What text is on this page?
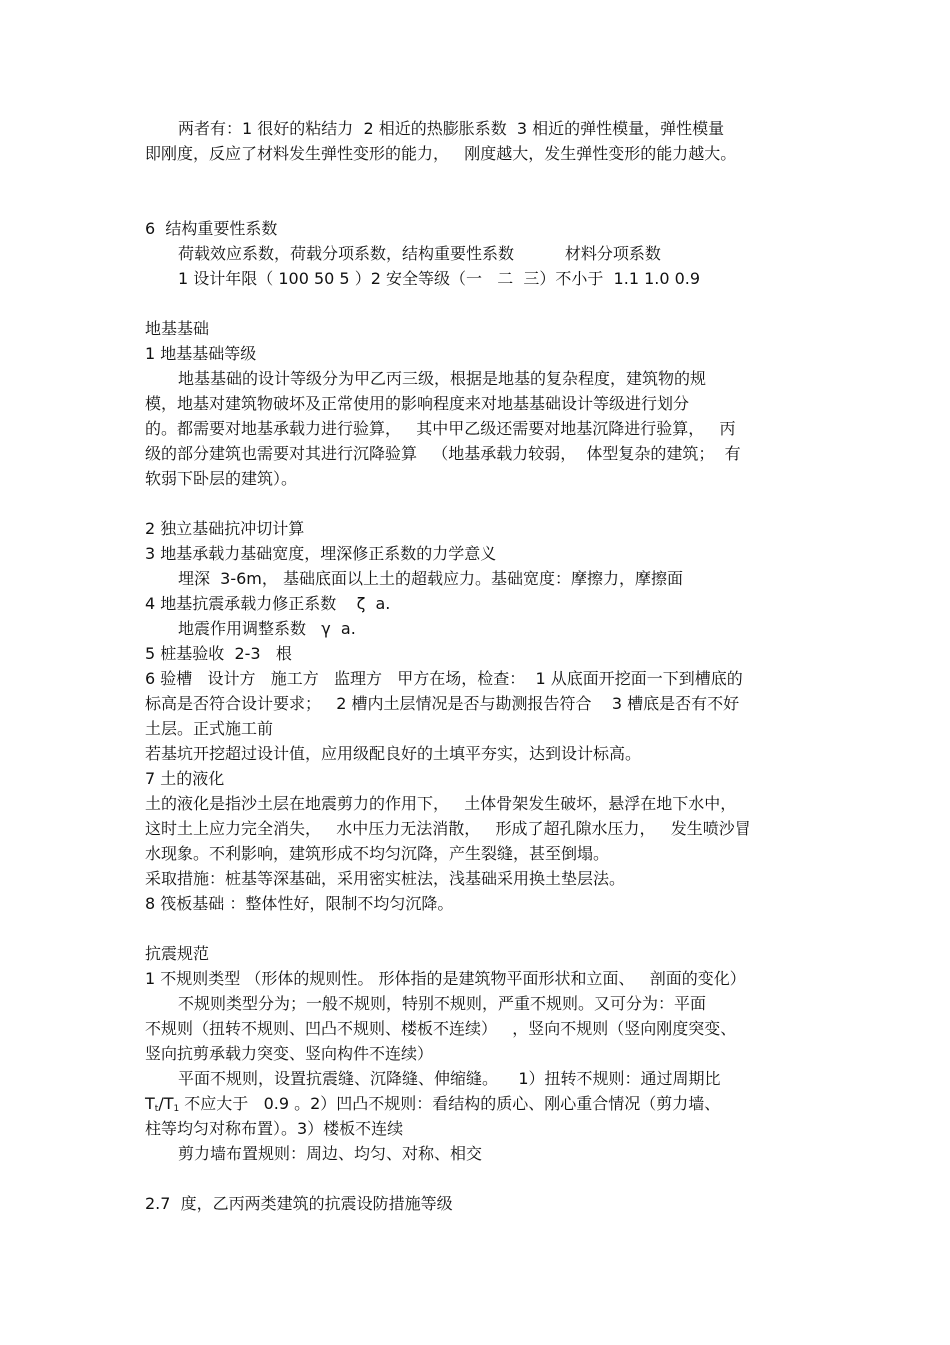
两者有：1 很好的粘结力  2 相近的热膨胀系数  3 相近的弹性模量，弹性模量

即刚度，反应了材料发生弹性变形的能力，   刚度越大，发生弹性变形的能力越大。

6  结构重要性系数

荷载效应系数，荷载分项系数，结构重要性系数          材料分项系数

1 设计年限（ 100 50 5 ）2 安全等级（一   二  三）不小于  1.1 1.0 0.9

地基基础

1 地基基础等级

地基基础的设计等级分为甲乙丙三级，根据是地基的复杂程度，建筑物的规

模，地基对建筑物破坏及正常使用的影响程度来对地基基础设计等级进行划分

的。都需要对地基承载力进行验算，   其中甲乙级还需要对地基沉降进行验算，   丙

级的部分建筑也需要对其进行沉降验算   （地基承载力较弱，  体型复杂的建筑；  有

软弱下卧层的建筑）。

2 独立基础抗冲切计算

3 地基承载力基础宽度，埋深修正系数的力学意义

埋深  3-6m， 基础底面以上土的超载应力。基础宽度：摩擦力，摩擦面

4 地基抗震承载力修正系数    ζ  a.

地震作用调整系数   γ  a.

5 桩基验收  2-3   根

6 验槽   设计方   施工方   监理方   甲方在场，检查：  1 从底面开挖面一下到槽底的

标高是否符合设计要求；   2 槽内土层情况是否与勘测报告符合    3 槽底是否有不好

土层。正式施工前

若基坑开挖超过设计值，应用级配良好的土填平夯实，达到设计标高。

7 土的液化

土的液化是指沙土层在地震剪力的作用下，   土体骨架发生破坏，悬浮在地下水中，

这时土上应力完全消失，   水中压力无法消散，   形成了超孔隙水压力，   发生喷沙冒

水现象。不利影响，建筑形成不均匀沉降，产生裂缝，甚至倒塌。

采取措施：桩基等深基础，采用密实桩法，浅基础采用换土垫层法。

8 筏板基础 ：整体性好，限制不均匀沉降。

抗震规范

1 不规则类型 （形体的规则性。 形体指的是建筑物平面形状和立面、   剖面的变化）

不规则类型分为；一般不规则，特别不规则，严重不规则。又可分为：平面

不规则（扭转不规则、凹凸不规则、楼板不连续）   ，竖向不规则（竖向刚度突变、

竖向抗剪承载力突变、竖向构件不连续）

平面不规则，设置抗震缝、沉降缝、伸缩缝。    1）扭转不规则：通过周期比

$T_t/T_1$ 不应大于   0.9 。2）凹凸不规则：看结构的质心、刚心重合情况（剪力墙、

柱等均匀对称布置）。3）楼板不连续

剪力墙布置规则：周边、均匀、对称、相交

2.7  度，乙丙两类建筑的抗震设防措施等级
